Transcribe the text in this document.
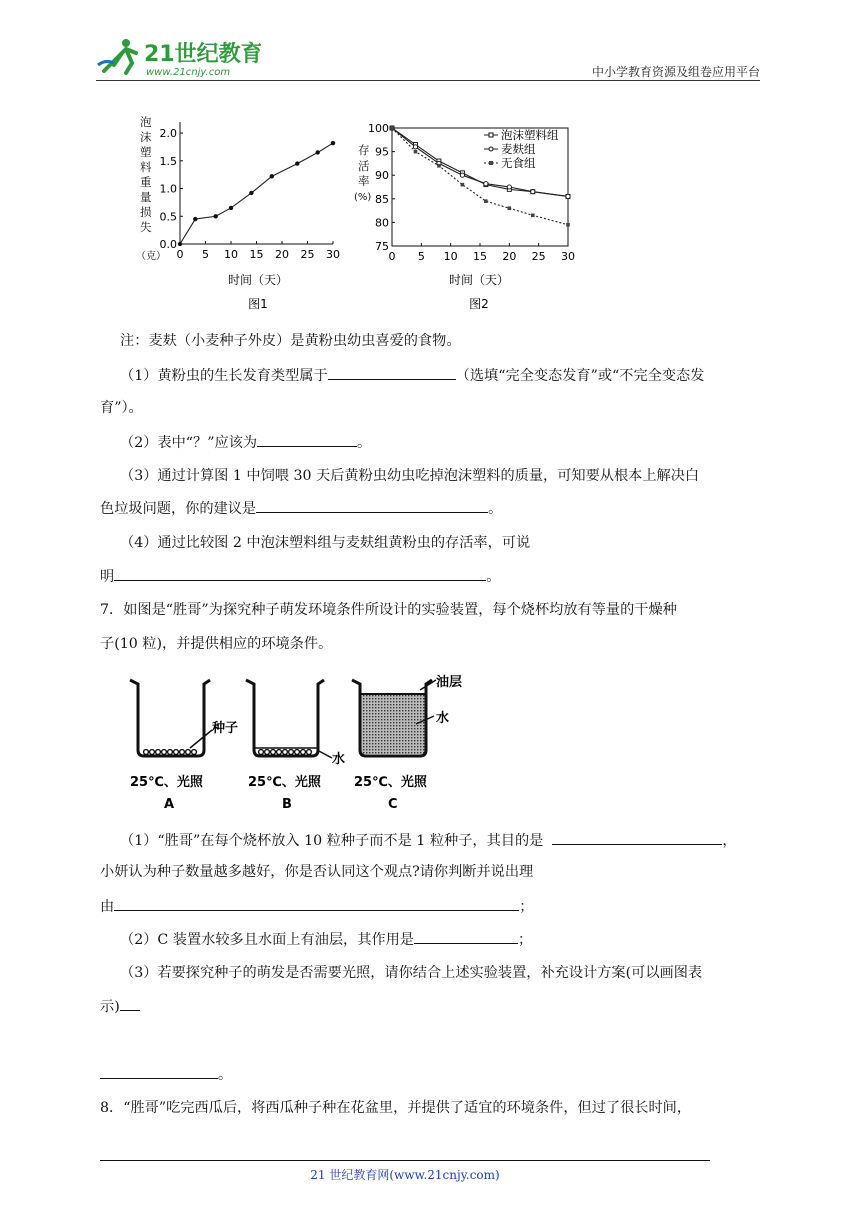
21世纪教育
www.21cnjy.com	中小学教育资源及组卷应用平台
0 5 10 15 20 25 30
0.0
0.5
1.0
1.5
2.0
泡
沫
塑
料
重
量
损
失
（克）
时间（天）
图1
0 5 10 15 20 25 30
75
80
85
90
95
100	泡沫塑料组
麦麸组
无食组
存
活
率
(%)
时间（天）
图2
注：麦麸（小麦种子外皮）是黄粉虫幼虫喜爱的食物。
（1）黄粉虫的生长发育类型属于	（选填“完全变态发育”或“不完全变态发
育”）。
（2）表中“？”应该为	。
（3）通过计算图 1 中饲喂 30 天后黄粉虫幼虫吃掉泡沫塑料的质量，可知要从根本上解决白
色垃圾问题，你的建议是	。
（4）通过比较图 2 中泡沫塑料组与麦麸组黄粉虫的存活率，可说
明	。
7．如图是“胜哥”为探究种子萌发环境条件所设计的实验装置，每个烧杯均放有等量的干燥种
子(10 粒)，并提供相应的环境条件。
种子
25℃、光照
A
水
25℃、光照
B
油层
水
25℃、光照
C
（1）“胜哥”在每个烧杯放入 10 粒种子而不是 1 粒种子，其目的是	，
小妍认为种子数量越多越好，你是否认同这个观点?请你判断并说出理
由	；
（2）C 装置水较多且水面上有油层，其作用是	；
（3）若要探究种子的萌发是否需要光照，请你结合上述实验装置，补充设计方案(可以画图表
示)
。
8．“胜哥”吃完西瓜后，将西瓜种子种在花盆里，并提供了适宜的环境条件，但过了很长时间，
21 世纪教育网(www.21cnjy.com)
